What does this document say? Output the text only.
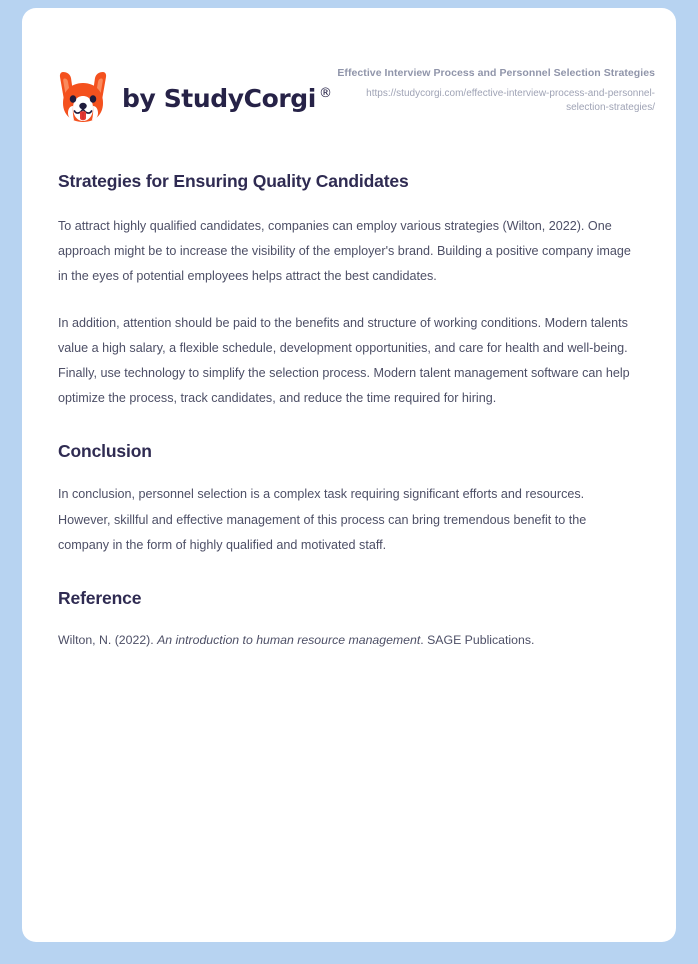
by StudyCorgi ®
Effective Interview Process and Personnel Selection Strategies
https://studycorgi.com/effective-interview-process-and-personnel-selection-strategies/
Strategies for Ensuring Quality Candidates

To attract highly qualified candidates, companies can employ various strategies (Wilton, 2022). One approach might be to increase the visibility of the employer's brand. Building a positive company image in the eyes of potential employees helps attract the best candidates.

In addition, attention should be paid to the benefits and structure of working conditions. Modern talents value a high salary, a flexible schedule, development opportunities, and care for health and well-being. Finally, use technology to simplify the selection process. Modern talent management software can help optimize the process, track candidates, and reduce the time required for hiring.

Conclusion

In conclusion, personnel selection is a complex task requiring significant efforts and resources. However, skillful and effective management of this process can bring tremendous benefit to the company in the form of highly qualified and motivated staff.

Reference

Wilton, N. (2022). An introduction to human resource management. SAGE Publications.
